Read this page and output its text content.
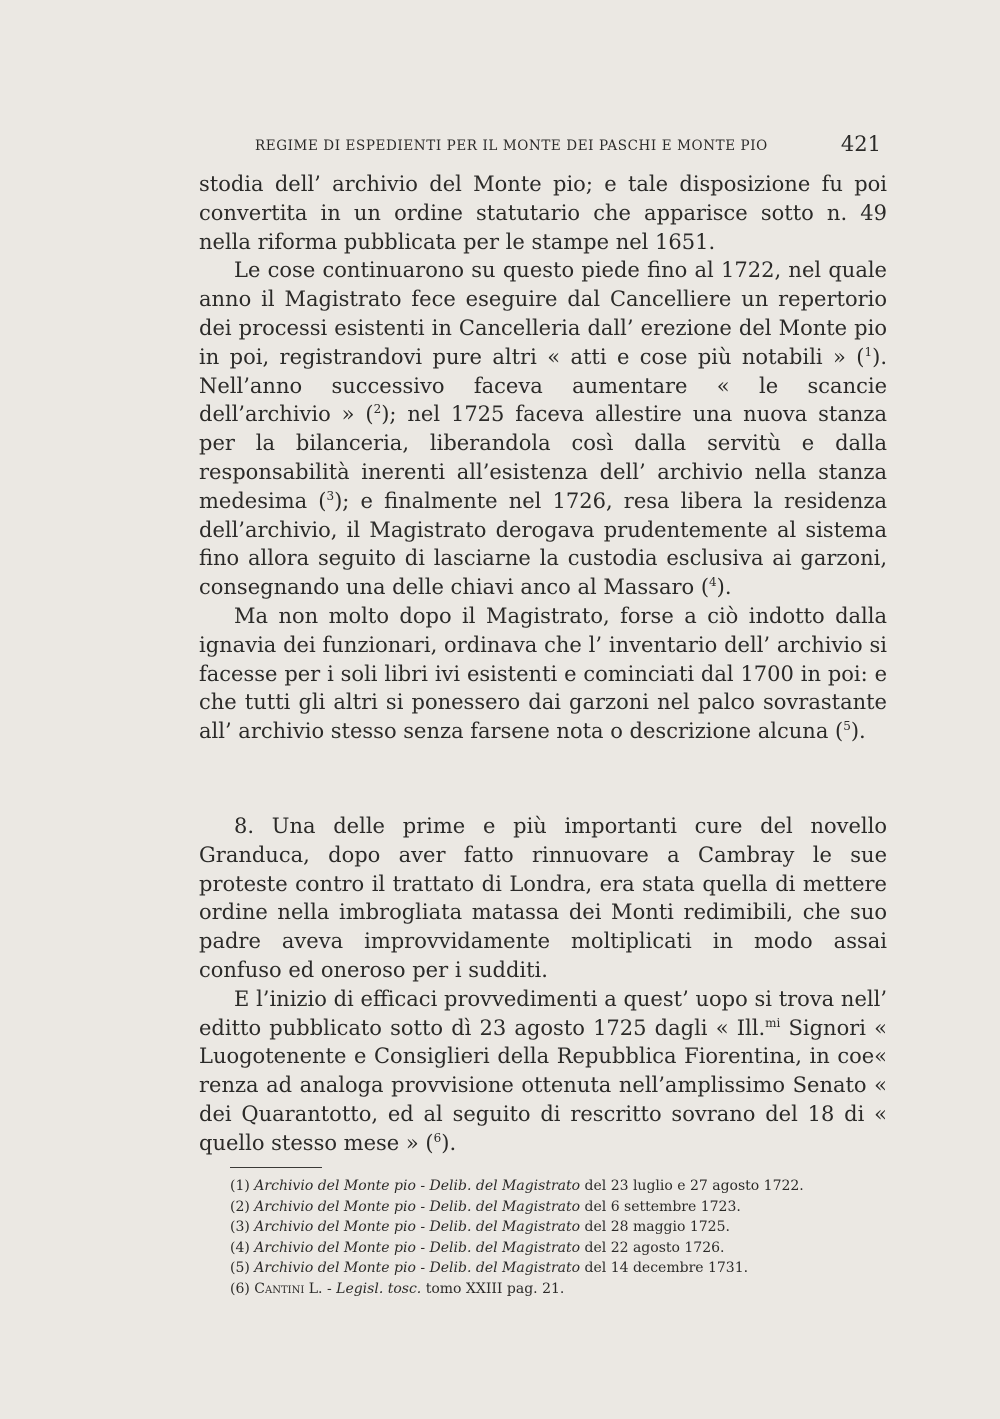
REGIME DI ESPEDIENTI PER IL MONTE DEI PASCHI E MONTE PIO	421

stodia dell’ archivio del Monte pio; e tale disposizione fu poi convertita in un ordine statutario che apparisce sotto n. 49 nella riforma pubblicata per le stampe nel 1651.

Le cose continuarono su questo piede fino al 1722, nel quale anno il Magistrato fece eseguire dal Cancelliere un repertorio dei processi esistenti in Cancelleria dall’ erezione del Monte pio in poi, registrandovi pure altri « atti e cose più notabili » ($^1$). Nell’anno successivo faceva aumentare « le scancie dell’archivio » ($^2$); nel 1725 faceva allestire una nuova stanza per la bilanceria, liberandola così dalla servitù e dalla responsabilità inerenti all’esistenza dell’ archivio nella stanza medesima ($^3$); e finalmente nel 1726, resa libera la residenza dell’archivio, il Magistrato derogava prudentemente al sistema fino allora seguito di lasciarne la custodia esclusiva ai garzoni, consegnando una delle chiavi anco al Massaro ($^4$).

Ma non molto dopo il Magistrato, forse a ciò indotto dalla ignavia dei funzionari, ordinava che l’ inventario dell’ archivio si facesse per i soli libri ivi esistenti e cominciati dal 1700 in poi: e che tutti gli altri si ponessero dai garzoni nel palco sovrastante all’ archivio stesso senza farsene nota o descrizione alcuna ($^5$).

8. Una delle prime e più importanti cure del novello Granduca, dopo aver fatto rinnuovare a Cambray le sue proteste contro il trattato di Londra, era stata quella di mettere ordine nella imbrogliata matassa dei Monti redimibili, che suo padre aveva improvvidamente moltiplicati in modo assai confuso ed oneroso per i sudditi.

E l’inizio di efficaci provvedimenti a quest’ uopo si trova nell’ editto pubblicato sotto dì 23 agosto 1725 dagli « Ill.$^{mi}$ Signori « Luogotenente e Consiglieri della Repubblica Fiorentina, in coe« renza ad analoga provvisione ottenuta nell’amplissimo Senato « dei Quarantotto, ed al seguito di rescritto sovrano del 18 di « quello stesso mese » ($^6$).

(1) Archivio del Monte pio - Delib. del Magistrato del 23 luglio e 27 agosto 1722.
(2) Archivio del Monte pio - Delib. del Magistrato del 6 settembre 1723.
(3) Archivio del Monte pio - Delib. del Magistrato del 28 maggio 1725.
(4) Archivio del Monte pio - Delib. del Magistrato del 22 agosto 1726.
(5) Archivio del Monte pio - Delib. del Magistrato del 14 decembre 1731.
(6) Cantini L. - Legisl. tosc. tomo XXIII pag. 21.
